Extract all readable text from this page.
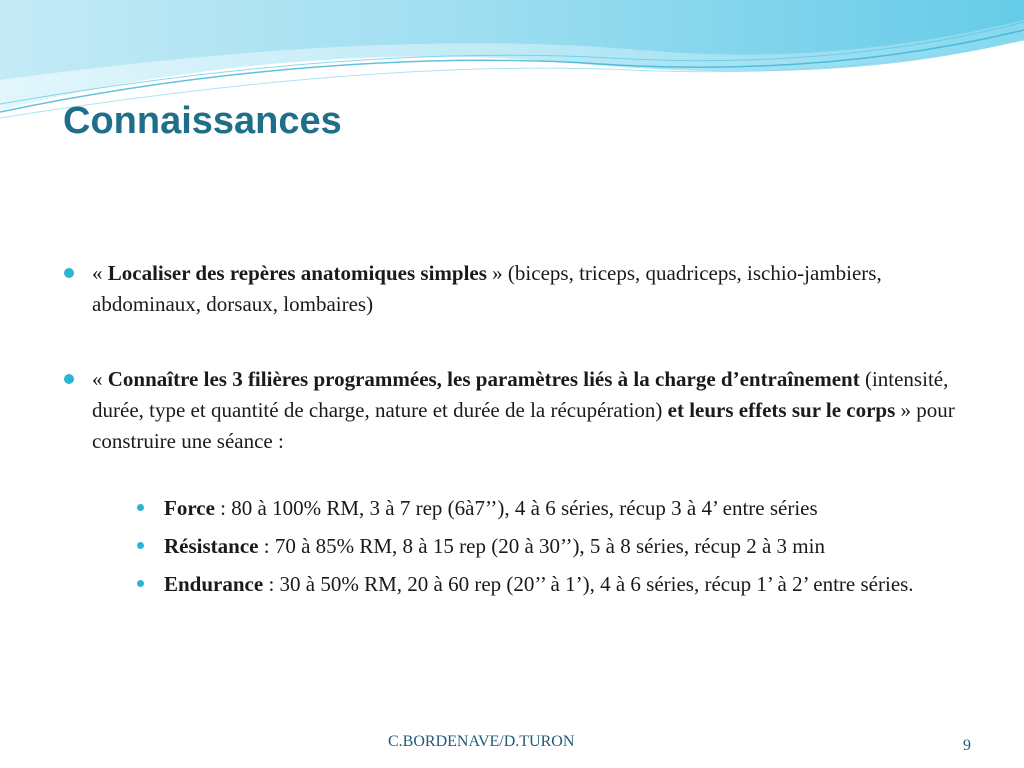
Connaissances

« Localiser des repères anatomiques simples » (biceps, triceps, quadriceps, ischio-jambiers, abdominaux, dorsaux, lombaires)

« Connaître les 3 filières programmées, les paramètres liés à la charge d’entraînement (intensité, durée, type et quantité de charge, nature et durée de la récupération) et leurs effets sur le corps » pour construire une séance :

Force : 80 à 100% RM, 3 à 7 rep (6à7’’), 4 à 6 séries, récup 3 à 4’ entre séries

Résistance : 70 à 85% RM, 8 à 15 rep (20 à 30’’), 5 à 8 séries, récup 2 à 3 min

Endurance : 30 à 50% RM, 20 à 60 rep (20’’ à 1’), 4 à 6 séries, récup 1’ à 2’ entre séries.

C.BORDENAVE/D.TURON	9
